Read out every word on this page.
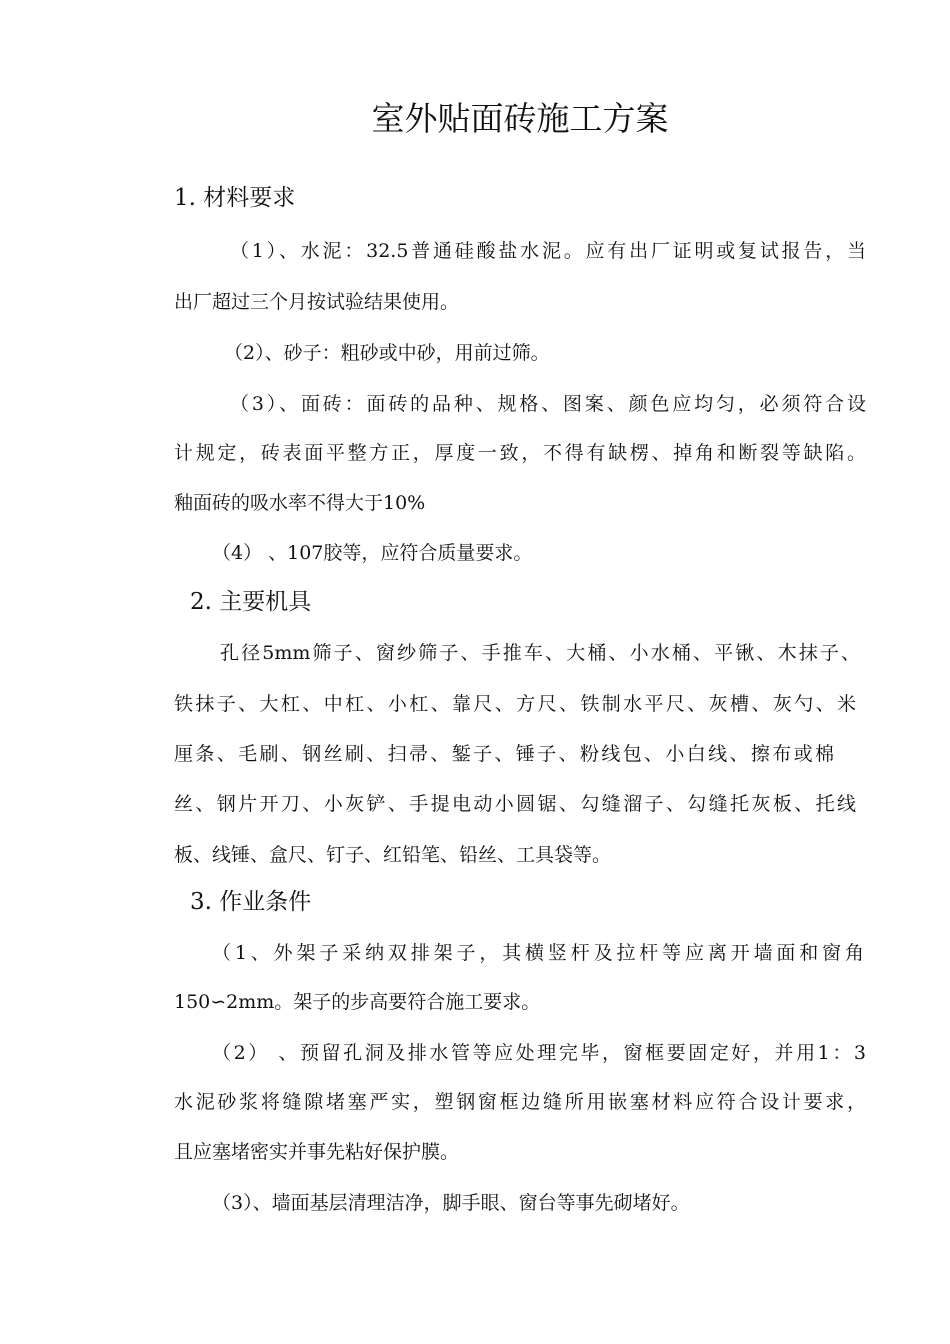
室外贴面砖施工方案
1. 材料要求
（1）、水泥：32.5普通硅酸盐水泥。应有出厂证明或复试报告，当
出厂超过三个月按试验结果使用。
（2）、砂子：粗砂或中砂，用前过筛。
（3）、面砖：面砖的品种、规格、图案、颜色应均匀，必须符合设
计规定，砖表面平整方正，厚度一致，不得有缺楞、掉角和断裂等缺陷。
釉面砖的吸水率不得大于10%
（4） 、107胶等，应符合质量要求。
2. 主要机具
孔径5mm筛子、窗纱筛子、手推车、大桶、小水桶、平锹、木抹子、
铁抹子、大杠、中杠、小杠、靠尺、方尺、铁制水平尺、灰槽、灰勺、米
厘条、毛刷、钢丝刷、扫帚、錾子、锤子、粉线包、小白线、擦布或棉
丝、钢片开刀、小灰铲、手提电动小圆锯、勾缝溜子、勾缝托灰板、托线
板、线锤、盒尺、钉子、红铅笔、铅丝、工具袋等。
3. 作业条件
（1、外架子采纳双排架子，其横竖杆及拉杆等应离开墙面和窗角
150∽2mm。架子的步高要符合施工要求。
（2） 、预留孔洞及排水管等应处理完毕，窗框要固定好，并用1：3
水泥砂浆将缝隙堵塞严实，塑钢窗框边缝所用嵌塞材料应符合设计要求，
且应塞堵密实并事先粘好保护膜。
（3）、墙面基层清理洁净，脚手眼、窗台等事先砌堵好。
